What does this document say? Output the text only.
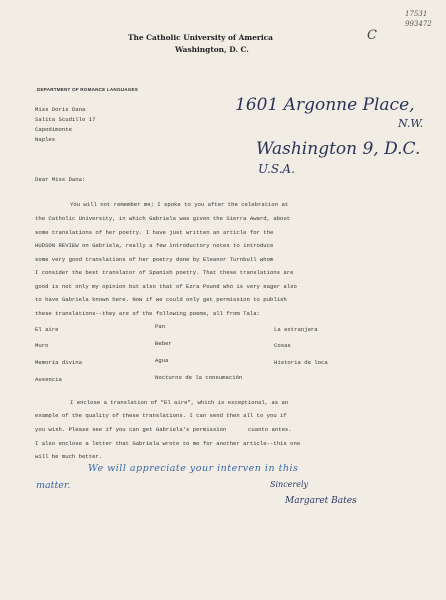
17531
993472
C
The Catholic University of America
Washington, D. C.
DEPARTMENT OF ROMANCE LANGUAGES
Miss Doris Dana
Salita Scudillo 17
Capodimonte
Naples
1601 Argonne Place,
N.W.
Washington 9, D.C.
U.S.A.
Dear Miss Dana:
You will not remember me; I spoke to you after the celebration at
the Catholic University, in which Gabriela was given the Sierra Award, about
some translations of her poetry. I have just written an article for the
HUDSON REVIEW on Gabriela, really a few introductory notes to introduce
some very good translations of her poetry done by Eleanor Turnbull whom
I consider the best translator of Spanish poetry. That these translations are
good is not only my opinion but also that of Ezra Pound who is very eager also
to have Gabriela known here. Now if we could only get permission to publish
these translations--they are of the following poems, all from Tala:
El aire	Pan	La extranjera
Muro	Beber	Cosas
Memoria divina	Agua	Historia de loca
Ausencia	Nocturno de la consumación
I enclose a translation of "El aire", which is exceptional, as an
example of the quality of these translations. I can send then all to you if
you wish. Please see if you can get Gabriela's permission	cuanto antes.
I also enclose a letter that Gabriela wrote to me for another article--this one
will be much better.
We will appreciate your interven in this
matter.	Sincerely
Margaret Bates
